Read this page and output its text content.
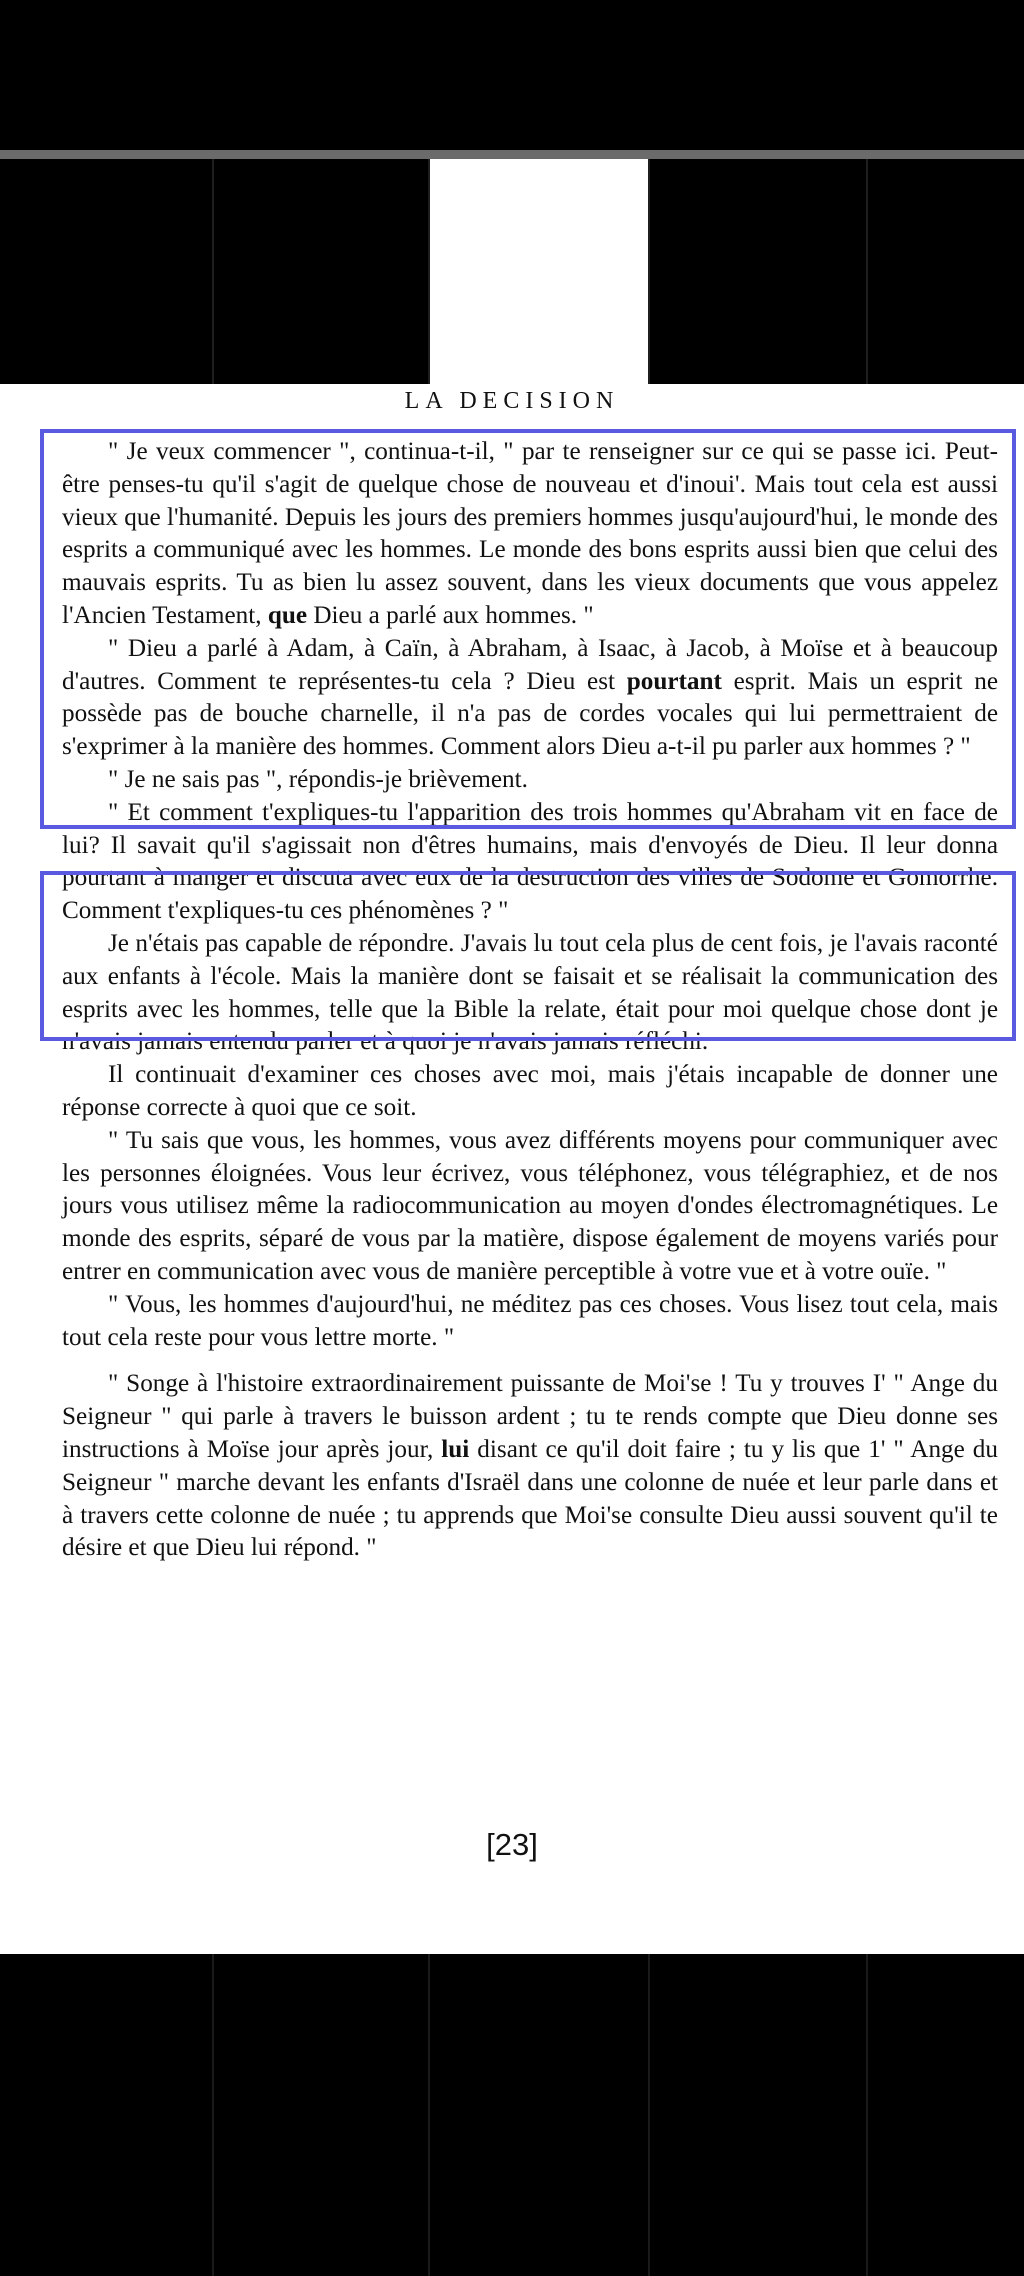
LA DECISION

" Je veux commencer ", continua-t-il, " par te renseigner sur ce qui se passe ici. Peut-être penses-tu qu'il s'agit de quelque chose de nouveau et d'inoui'. Mais tout cela est aussi vieux que l'humanité. Depuis les jours des premiers hommes jusqu'aujourd'hui, le monde des esprits a communiqué avec les hommes. Le monde des bons esprits aussi bien que celui des mauvais esprits. Tu as bien lu assez souvent, dans les vieux documents que vous appelez l'Ancien Testament, que Dieu a parlé aux hommes. "

" Dieu a parlé à Adam, à Caïn, à Abraham, à Isaac, à Jacob, à Moïse et à beaucoup d'autres. Comment te représentes-tu cela ? Dieu est pourtant esprit. Mais un esprit ne possède pas de bouche charnelle, il n'a pas de cordes vocales qui lui permettraient de s'exprimer à la manière des hommes. Comment alors Dieu a-t-il pu parler aux hommes ? "

" Je ne sais pas ", répondis-je brièvement.

" Et comment t'expliques-tu l'apparition des trois hommes qu'Abraham vit en face de lui? Il savait qu'il s'agissait non d'êtres humains, mais d'envoyés de Dieu. Il leur donna pourtant à manger et discuta avec eux de la destruction des villes de Sodome et Gomorrhe. Comment t'expliques-tu ces phénomènes ? "

Je n'étais pas capable de répondre. J'avais lu tout cela plus de cent fois, je l'avais raconté aux enfants à l'école. Mais la manière dont se faisait et se réalisait la communication des esprits avec les hommes, telle que la Bible la relate, était pour moi quelque chose dont je n'avais jamais entendu parler et à quoi je n'avais jamais réfléchi.

Il continuait d'examiner ces choses avec moi, mais j'étais incapable de donner une réponse correcte à quoi que ce soit.

" Tu sais que vous, les hommes, vous avez différents moyens pour communiquer avec les personnes éloignées. Vous leur écrivez, vous téléphonez, vous télégraphiez, et de nos jours vous utilisez même la radiocommunication au moyen d'ondes électromagnétiques. Le monde des esprits, séparé de vous par la matière, dispose également de moyens variés pour entrer en communication avec vous de manière perceptible à votre vue et à votre ouïe. "

" Vous, les hommes d'aujourd'hui, ne méditez pas ces choses. Vous lisez tout cela, mais tout cela reste pour vous lettre morte. "

" Songe à l'histoire extraordinairement puissante de Moi'se ! Tu y trouves I' " Ange du Seigneur " qui parle à travers le buisson ardent ; tu te rends compte que Dieu donne ses instructions à Moïse jour après jour, lui disant ce qu'il doit faire ; tu y lis que 1' " Ange du Seigneur " marche devant les enfants d'Israël dans une colonne de nuée et leur parle dans et à travers cette colonne de nuée ; tu apprends que Moi'se consulte Dieu aussi souvent qu'il te désire et que Dieu lui répond. "

[23]
